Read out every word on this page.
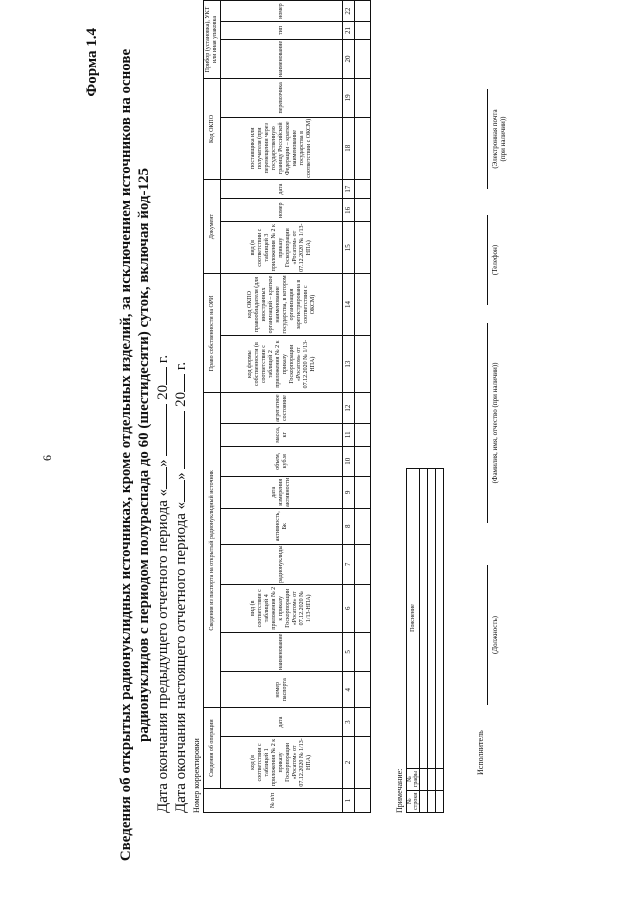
6
Форма 1.4 Сведения об открытых радионуклидных источниках, кроме отдельных изделий, за исключением источников на основе радионуклидов с периодом полураспада до 60 (шестидесяти) суток, включая йод-125 Дата окончания предыдущего отчетного периода «»  20 г.
Дата окончания настоящего отчетного периода «»  20 г.
Номер корректировки	№ п/п	Сведения об операции		Сведения из паспорта на открытый радионуклидный источник									Право собственности на ОРИ		Документ			Код ОКПО		Прибор (установка), УКТ или иная упаковка		
	код (в соответствии с таблицей 1 приложения № 2 к приказу Госкорпорации «Росатом» от 07.12.2020 № 1/13-НПА)	дата	номер паспорта	наименование	вид (в соответствии с таблицей 4 приложения № 2 к приказу Госкорпорации «Росатом» от 07.12.2020 № 1/13-НПА)	радионуклиды	активность, Бк	дата измерения активности	объем, куб.м	масса, кг	агрегатное состояние	код формы собственности (в соответствии с таблицей 2 приложения № 2 к приказу Госкорпорации «Росатом» от 07.12.2020 № 1/13-НПА)	код ОКПО правообладателя (для иностранных организаций – краткое наименование государства, в котором организация зарегистрирована в соответствии с ОКСМ)	вид (в соответствии с таблицей 3 приложения № 2 к приказу Госкорпорации «Росатом» от 07.12.2020 № 1/13-НПА)	номер	дата	поставщика или получателя (при перемещении через государственную границу Российской Федерации – краткое наименование государства в соответствии с ОКСМ)	перевозчика	наименование	тип	номер
1	2	3	4	5	6	7	8	9	10	11	12	13	14	15	16	17	18	19	20	21	22

Примечание: № строки	№ графы	Пояснение

Исполнитель
(Должность)
(Фамилия, имя, отчество (при наличии))
(Телефон)
(Электронная почта (при наличии))
